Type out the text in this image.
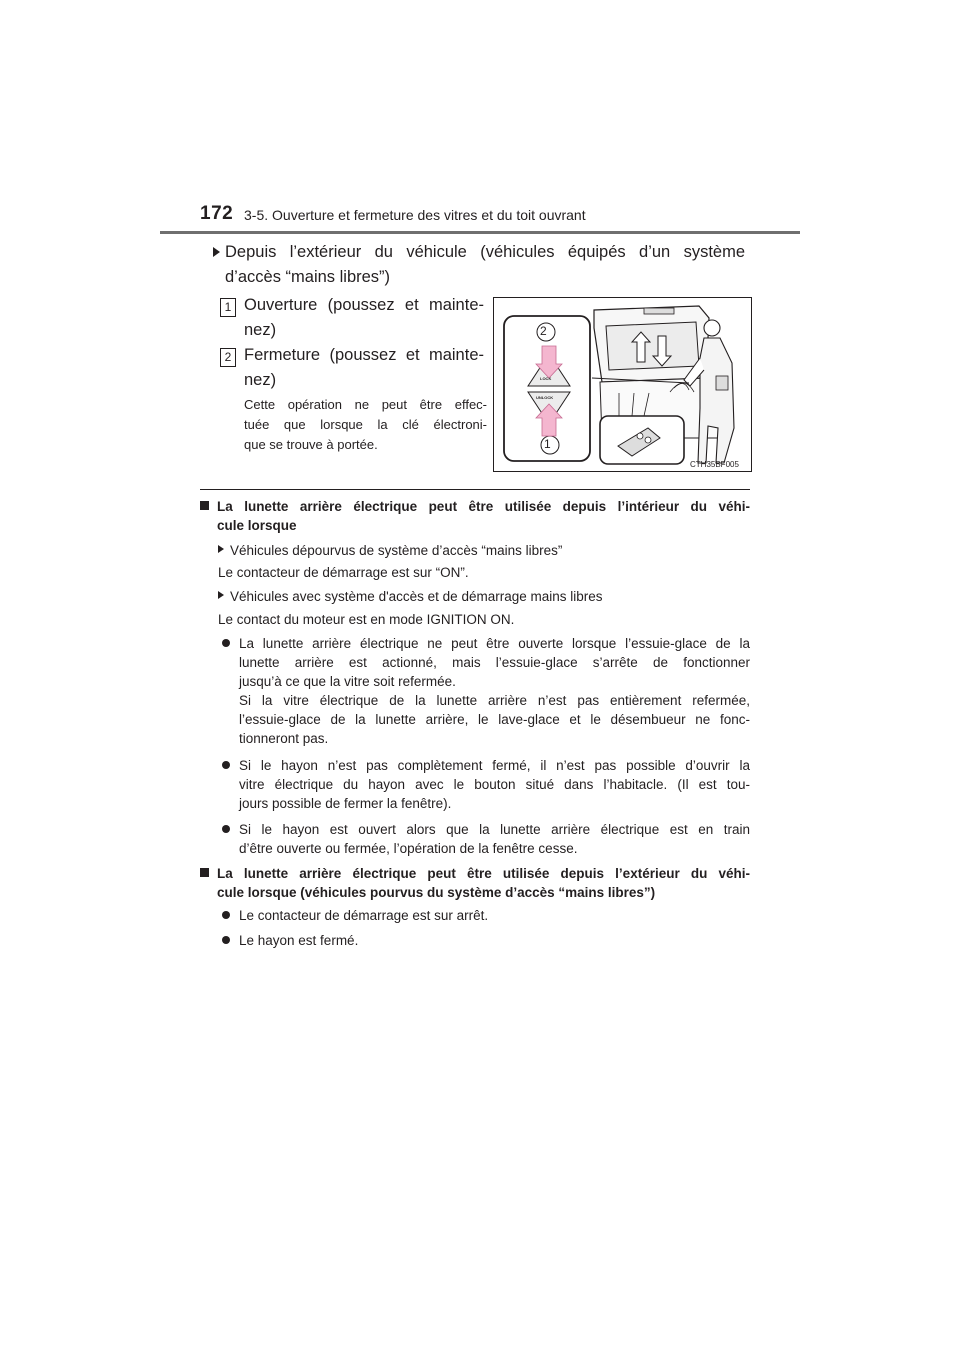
172 3-5. Ouverture et fermeture des vitres et du toit ouvrant
Depuis l’extérieur du véhicule (véhicules équipés d’un système
d’accès “mains libres”)
1 Ouverture (poussez et mainte-
nez)
2 Fermeture (poussez et mainte-
nez)
Cette opération ne peut être effec-
tuée que lorsque la clé électroni-
que se trouve à portée.
2
1
LOCK
UNLOCK
CTH35BF005
La lunette arrière électrique peut être utilisée depuis l’intérieur du véhi-
cule lorsque
Véhicules dépourvus de système d’accès “mains libres”
Le contacteur de démarrage est sur “ON”.
Véhicules avec système d'accès et de démarrage mains libres
Le contact du moteur est en mode IGNITION ON.
La lunette arrière électrique ne peut être ouverte lorsque l’essuie-glace de la
lunette arrière est actionné, mais l’essuie-glace s’arrête de fonctionner
jusqu’à ce que la vitre soit refermée.
Si la vitre électrique de la lunette arrière n’est pas entièrement refermée,
l’essuie-glace de la lunette arrière, le lave-glace et le désembueur ne fonc-
tionneront pas.
Si le hayon n’est pas complètement fermé, il n’est pas possible d’ouvrir la
vitre électrique du hayon avec le bouton situé dans l’habitacle. (Il est tou-
jours possible de fermer la fenêtre).
Si le hayon est ouvert alors que la lunette arrière électrique est en train
d’être ouverte ou fermée, l’opération de la fenêtre cesse.
La lunette arrière électrique peut être utilisée depuis l’extérieur du véhi-
cule lorsque (véhicules pourvus du système d’accès “mains libres”)
Le contacteur de démarrage est sur arrêt.
Le hayon est fermé.
